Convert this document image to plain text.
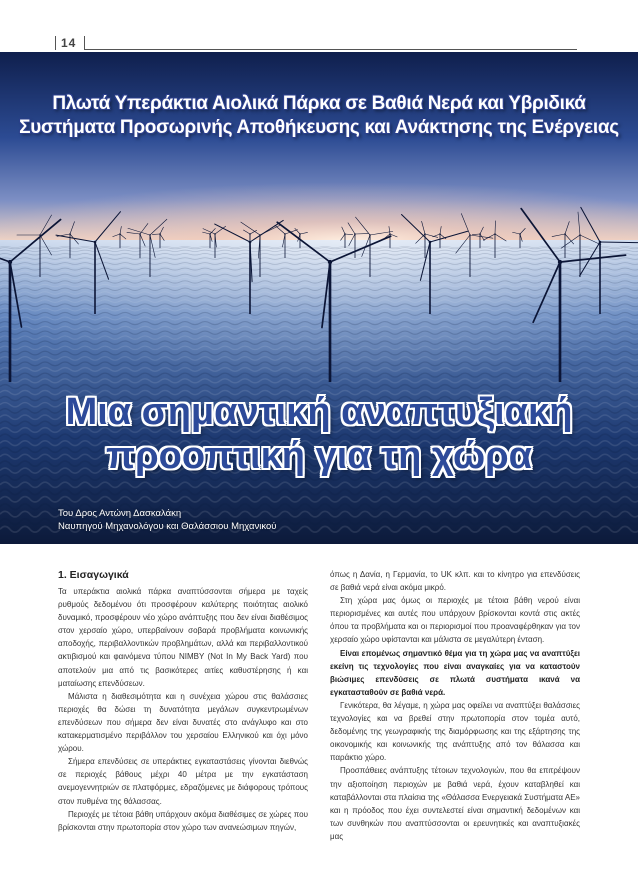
14
Πλωτά Υπεράκτια Αιολικά Πάρκα σε Βαθιά Νερά και Υβριδικά
Συστήματα Προσωρινής Αποθήκευσης και Ανάκτησης της Ενέργειας
Μια σημαντική αναπτυξιακή
προοπτική για τη χώρα
Του Δρος Αντώνη Δασκαλάκη
Ναυπηγού Μηχανολόγου και Θαλάσσιου Μηχανικού
1. Εισαγωγικά

Τα υπεράκτια αιολικά πάρκα αναπτύσσονται σήμερα με ταχείς ρυθμούς δεδομένου ότι προσφέρουν καλύτερης ποιότητας αιολικό δυναμικό, προσφέρουν νέο χώρο ανάπτυξης που δεν είναι διαθέσιμος στον χερσαίο χώρο, υπερβαίνουν σοβαρά προβλήματα κοινωνικής αποδοχής, περιβαλλοντικών προβλημάτων, αλλά και περιβαλλοντικού ακτιβισμού και φαινόμενα τύπου NIMBY (Not In My Back Yard) που αποτελούν μια από τις βασικότερες αιτίες καθυστέρησης ή και ματαίωσης επενδύσεων.

Μάλιστα η διαθεσιμότητα και η συνέχεια χώρου στις θαλάσσιες περιοχές θα δώσει τη δυνατότητα μεγάλων συγκεντρωμένων επενδύσεων που σήμερα δεν είναι δυνατές στο ανάγλυφο και στο κατακερματισμένο περιβάλλον του χερσαίου Ελληνικού και όχι μόνο χώρου.

Σήμερα επενδύσεις σε υπεράκτιες εγκαταστάσεις γίνονται διεθνώς σε περιοχές βάθους μέχρι 40 μέτρα με την εγκατάσταση ανεμογεννητριών σε πλατφόρμες, εδραζόμενες με διάφορους τρόπους στον πυθμένα της θάλασσας.

Περιοχές με τέτοια βάθη υπάρχουν ακόμα διαθέσιμες σε χώρες που βρίσκονται στην πρωτοπορία στον χώρο των ανανεώσιμων πηγών,

όπως η Δανία, η Γερμανία, το UK κλπ. και το κίνητρο για επενδύσεις σε βαθιά νερά είναι ακόμα μικρό.

Στη χώρα μας όμως οι περιοχές με τέτοια βάθη νερού είναι περιορισμένες και αυτές που υπάρχουν βρίσκονται κοντά στις ακτές όπου τα προβλήματα και οι περιορισμοί που προαναφέρθηκαν για τον χερσαίο χώρο υφίστανται και μάλιστα σε μεγαλύτερη ένταση.

Είναι επομένως σημαντικό θέμα για τη χώρα μας να αναπτύξει εκείνη τις τεχνολογίες που είναι αναγκαίες για να καταστούν βιώσιμες επενδύσεις σε πλωτά συστήματα ικανά να εγκατασταθούν σε βαθιά νερά.

Γενικότερα, θα λέγαμε, η χώρα μας οφείλει να αναπτύξει θαλάσσιες τεχνολογίες και να βρεθεί στην πρωτοπορία στον τομέα αυτό, δεδομένης της γεωγραφικής της διαμόρφωσης και της εξάρτησης της οικονομικής και κοινωνικής της ανάπτυξης από τον θάλασσα και παράκτιο χώρο.

Προσπάθειες ανάπτυξης τέτοιων τεχνολογιών, που θα επιτρέψουν την αξιοποίηση περιοχών με βαθιά νερά, έχουν καταβληθεί και καταβάλλονται στα πλαίσια της «Θάλασσα Ενεργειακά Συστήματα ΑΕ» και η πρόοδος που έχει συντελεστεί είναι σημαντική δεδομένων και των συνθηκών που αναπτύσσονται οι ερευνητικές και αναπτυξιακές μας
